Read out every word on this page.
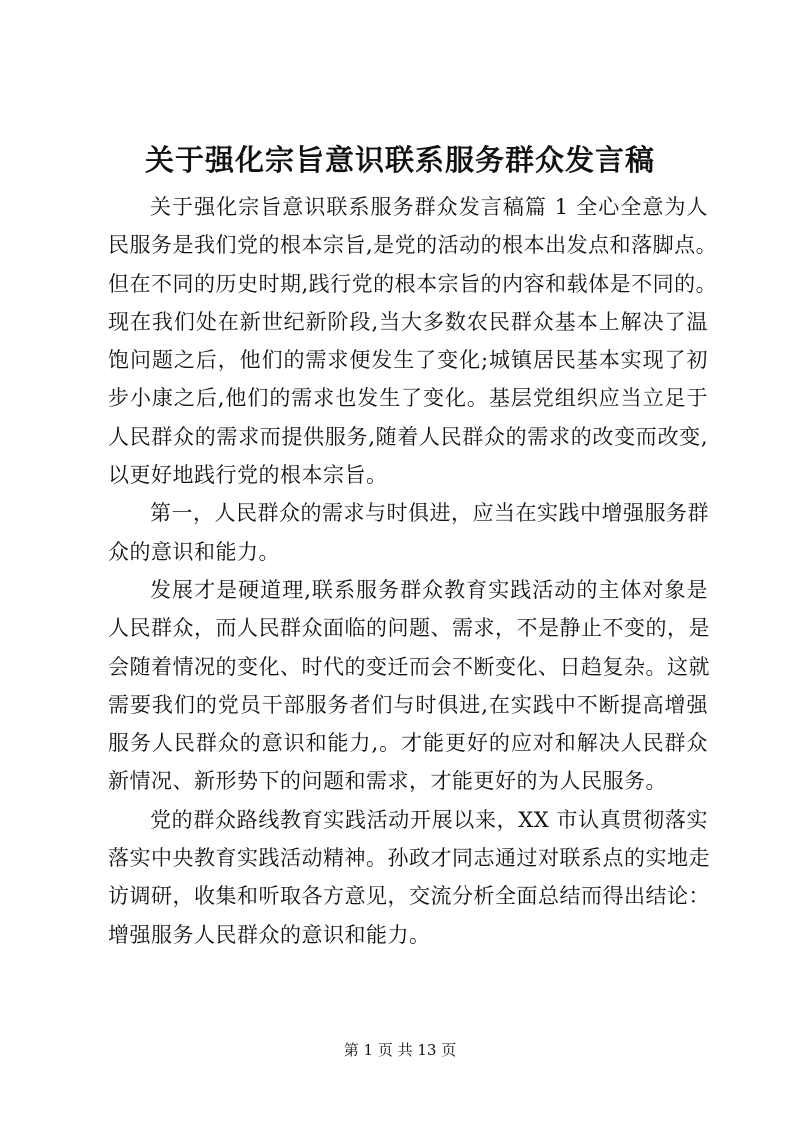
关于强化宗旨意识联系服务群众发言稿
关于强化宗旨意识联系服务群众发言稿篇 1 全心全意为人
民服务是我们党的根本宗旨,是党的活动的根本出发点和落脚点。
但在不同的历史时期,践行党的根本宗旨的内容和载体是不同的。
现在我们处在新世纪新阶段,当大多数农民群众基本上解决了温
饱问题之后，他们的需求便发生了变化;城镇居民基本实现了初
步小康之后,他们的需求也发生了变化。基层党组织应当立足于
人民群众的需求而提供服务,随着人民群众的需求的改变而改变,
以更好地践行党的根本宗旨。
第一，人民群众的需求与时俱进，应当在实践中增强服务群
众的意识和能力。
发展才是硬道理,联系服务群众教育实践活动的主体对象是
人民群众，而人民群众面临的问题、需求，不是静止不变的，是
会随着情况的变化、时代的变迁而会不断变化、日趋复杂。这就
需要我们的党员干部服务者们与时俱进,在实践中不断提高增强
服务人民群众的意识和能力,。才能更好的应对和解决人民群众
新情况、新形势下的问题和需求，才能更好的为人民服务。
党的群众路线教育实践活动开展以来，XX 市认真贯彻落实
落实中央教育实践活动精神。孙政才同志通过对联系点的实地走
访调研，收集和听取各方意见，交流分析全面总结而得出结论：
增强服务人民群众的意识和能力。
第 1 页 共 13 页
